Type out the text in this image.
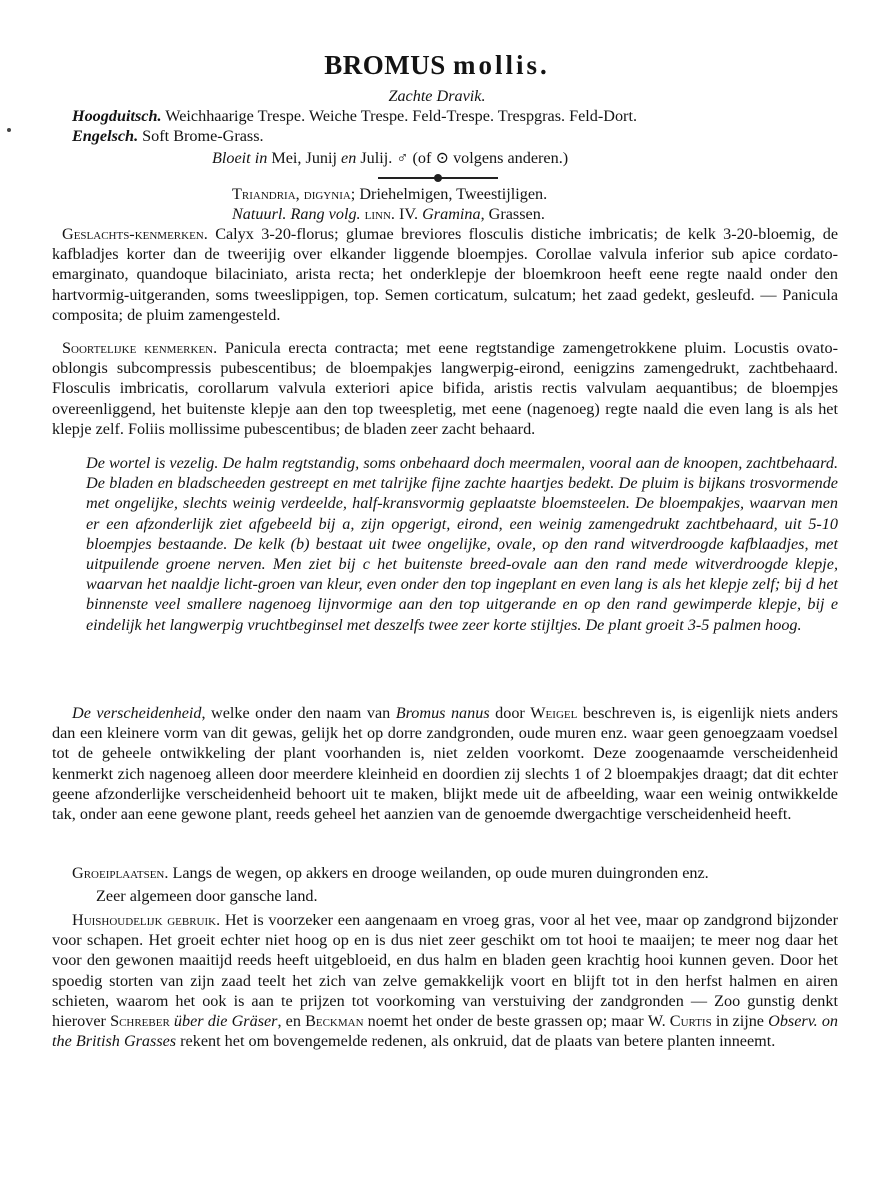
BROMUS mollis.
Zachte Dravik.
Hoogduitsch. Weichhaarige Trespe. Weiche Trespe. Feld-Trespe. Trespgras. Feld-Dort.
Engelsch. Soft Brome-Grass.
Bloeit in Mei, Junij en Julij. ♂ (of ⊙ volgens anderen.)
Triandria, digynia; Driehelmigen, Tweestijligen.
Natuurl. Rang volg. linn. IV. Gramina, Grassen.

Geslachts-kenmerken. Calyx 3-20-florus; glumae breviores flosculis distiche imbricatis; de kelk 3-20-bloemig, de kafbladjes korter dan de tweerijig over elkander liggende bloempjes. Corollae valvula inferior sub apice cordato-emarginato, quandoque bilaciniato, arista recta; het onderklepje der bloemkroon heeft eene regte naald onder den hartvormig-uitgeranden, soms tweeslippigen, top. Semen corticatum, sulcatum; het zaad gedekt, gesleufd. — Panicula composita; de pluim zamengesteld.

Soortelijke kenmerken. Panicula erecta contracta; met eene regtstandige zamengetrokkene pluim. Locustis ovato-oblongis subcompressis pubescentibus; de bloempakjes langwerpig-eirond, eenigzins zamengedrukt, zachtbehaard. Flosculis imbricatis, corollarum valvula exteriori apice bifida, aristis rectis valvulam aequantibus; de bloempjes overeenliggend, het buitenste klepje aan den top tweespletig, met eene (nagenoeg) regte naald die even lang is als het klepje zelf. Foliis mollissime pubescentibus; de bladen zeer zacht behaard.

De wortel is vezelig. De halm regtstandig, soms onbehaard doch meermalen, vooral aan de knoopen, zachtbehaard. De bladen en bladscheeden gestreept en met talrijke fijne zachte haartjes bedekt. De pluim is bijkans trosvormende met ongelijke, slechts weinig verdeelde, half-kransvormig geplaatste bloemsteelen. De bloempakjes, waarvan men er een afzonderlijk ziet afgebeeld bij a, zijn opgerigt, eirond, een weinig zamengedrukt zachtbehaard, uit 5-10 bloempjes bestaande. De kelk (b) bestaat uit twee ongelijke, ovale, op den rand witverdroogde kafblaadjes, met uitpuilende groene nerven. Men ziet bij c het buitenste breed-ovale aan den rand mede witverdroogde klepje, waarvan het naaldje licht-groen van kleur, even onder den top ingeplant en even lang is als het klepje zelf; bij d het binnenste veel smallere nagenoeg lijnvormige aan den top uitgerande en op den rand gewimperde klepje, bij e eindelijk het langwerpig vruchtbeginsel met deszelfs twee zeer korte stijltjes. De plant groeit 3-5 palmen hoog.

De verscheidenheid, welke onder den naam van Bromus nanus door Weigel beschreven is, is eigenlijk niets anders dan een kleinere vorm van dit gewas, gelijk het op dorre zandgronden, oude muren enz. waar geen genoegzaam voedsel tot de geheele ontwikkeling der plant voorhanden is, niet zelden voorkomt. Deze zoogenaamde verscheidenheid kenmerkt zich nagenoeg alleen door meerdere kleinheid en doordien zij slechts 1 of 2 bloempakjes draagt; dat dit echter geene afzonderlijke verscheidenheid behoort uit te maken, blijkt mede uit de afbeelding, waar een weinig ontwikkelde tak, onder aan eene gewone plant, reeds geheel het aanzien van de genoemde dwergachtige verscheidenheid heeft.

Groeiplaatsen. Langs de wegen, op akkers en drooge weilanden, op oude muren duingronden enz.

Zeer algemeen door gansche land.

Huishoudelijk gebruik. Het is voorzeker een aangenaam en vroeg gras, voor al het vee, maar op zandgrond bijzonder voor schapen. Het groeit echter niet hoog op en is dus niet zeer geschikt om tot hooi te maaijen; te meer nog daar het voor den gewonen maaitijd reeds heeft uitgebloeid, en dus halm en bladen geen krachtig hooi kunnen geven. Door het spoedig storten van zijn zaad teelt het zich van zelve gemakkelijk voort en blijft tot in den herfst halmen en airen schieten, waarom het ook is aan te prijzen tot voorkoming van verstuiving der zandgronden — Zoo gunstig denkt hierover Schreber über die Gräser, en Beckman noemt het onder de beste grassen op; maar W. Curtis in zijne Observ. on the British Grasses rekent het om bovengemelde redenen, als onkruid, dat de plaats van betere planten inneemt.
